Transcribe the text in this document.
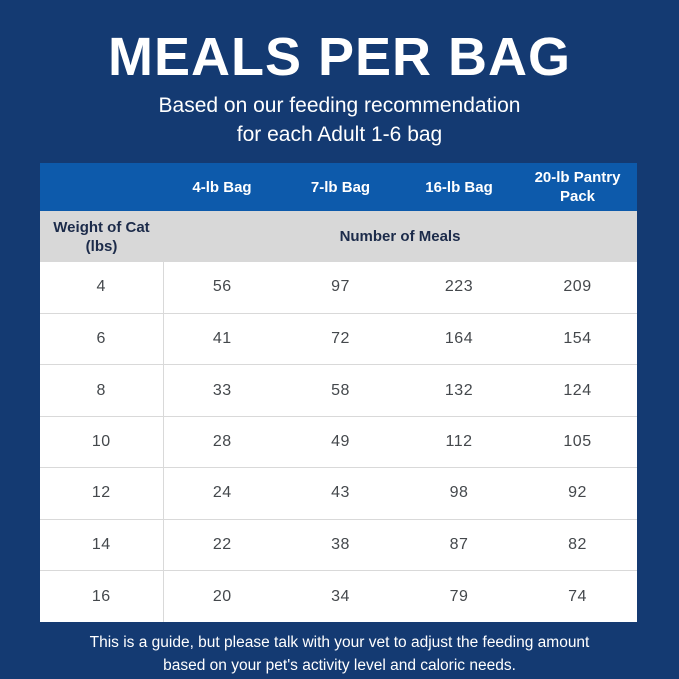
MEALS PER BAG
Based on our feeding recommendation
for each Adult 1-6 bag
	4-lb Bag	7-lb Bag	16-lb Bag	20-lb Pantry Pack
Weight of Cat (lbs)	Number of Meals			
4	56	97	223	209
6	41	72	164	154
8	33	58	132	124
10	28	49	112	105
12	24	43	98	92
14	22	38	87	82
16	20	34	79	74
This is a guide, but please talk with your vet to adjust the feeding amount
based on your pet's activity level and caloric needs.
